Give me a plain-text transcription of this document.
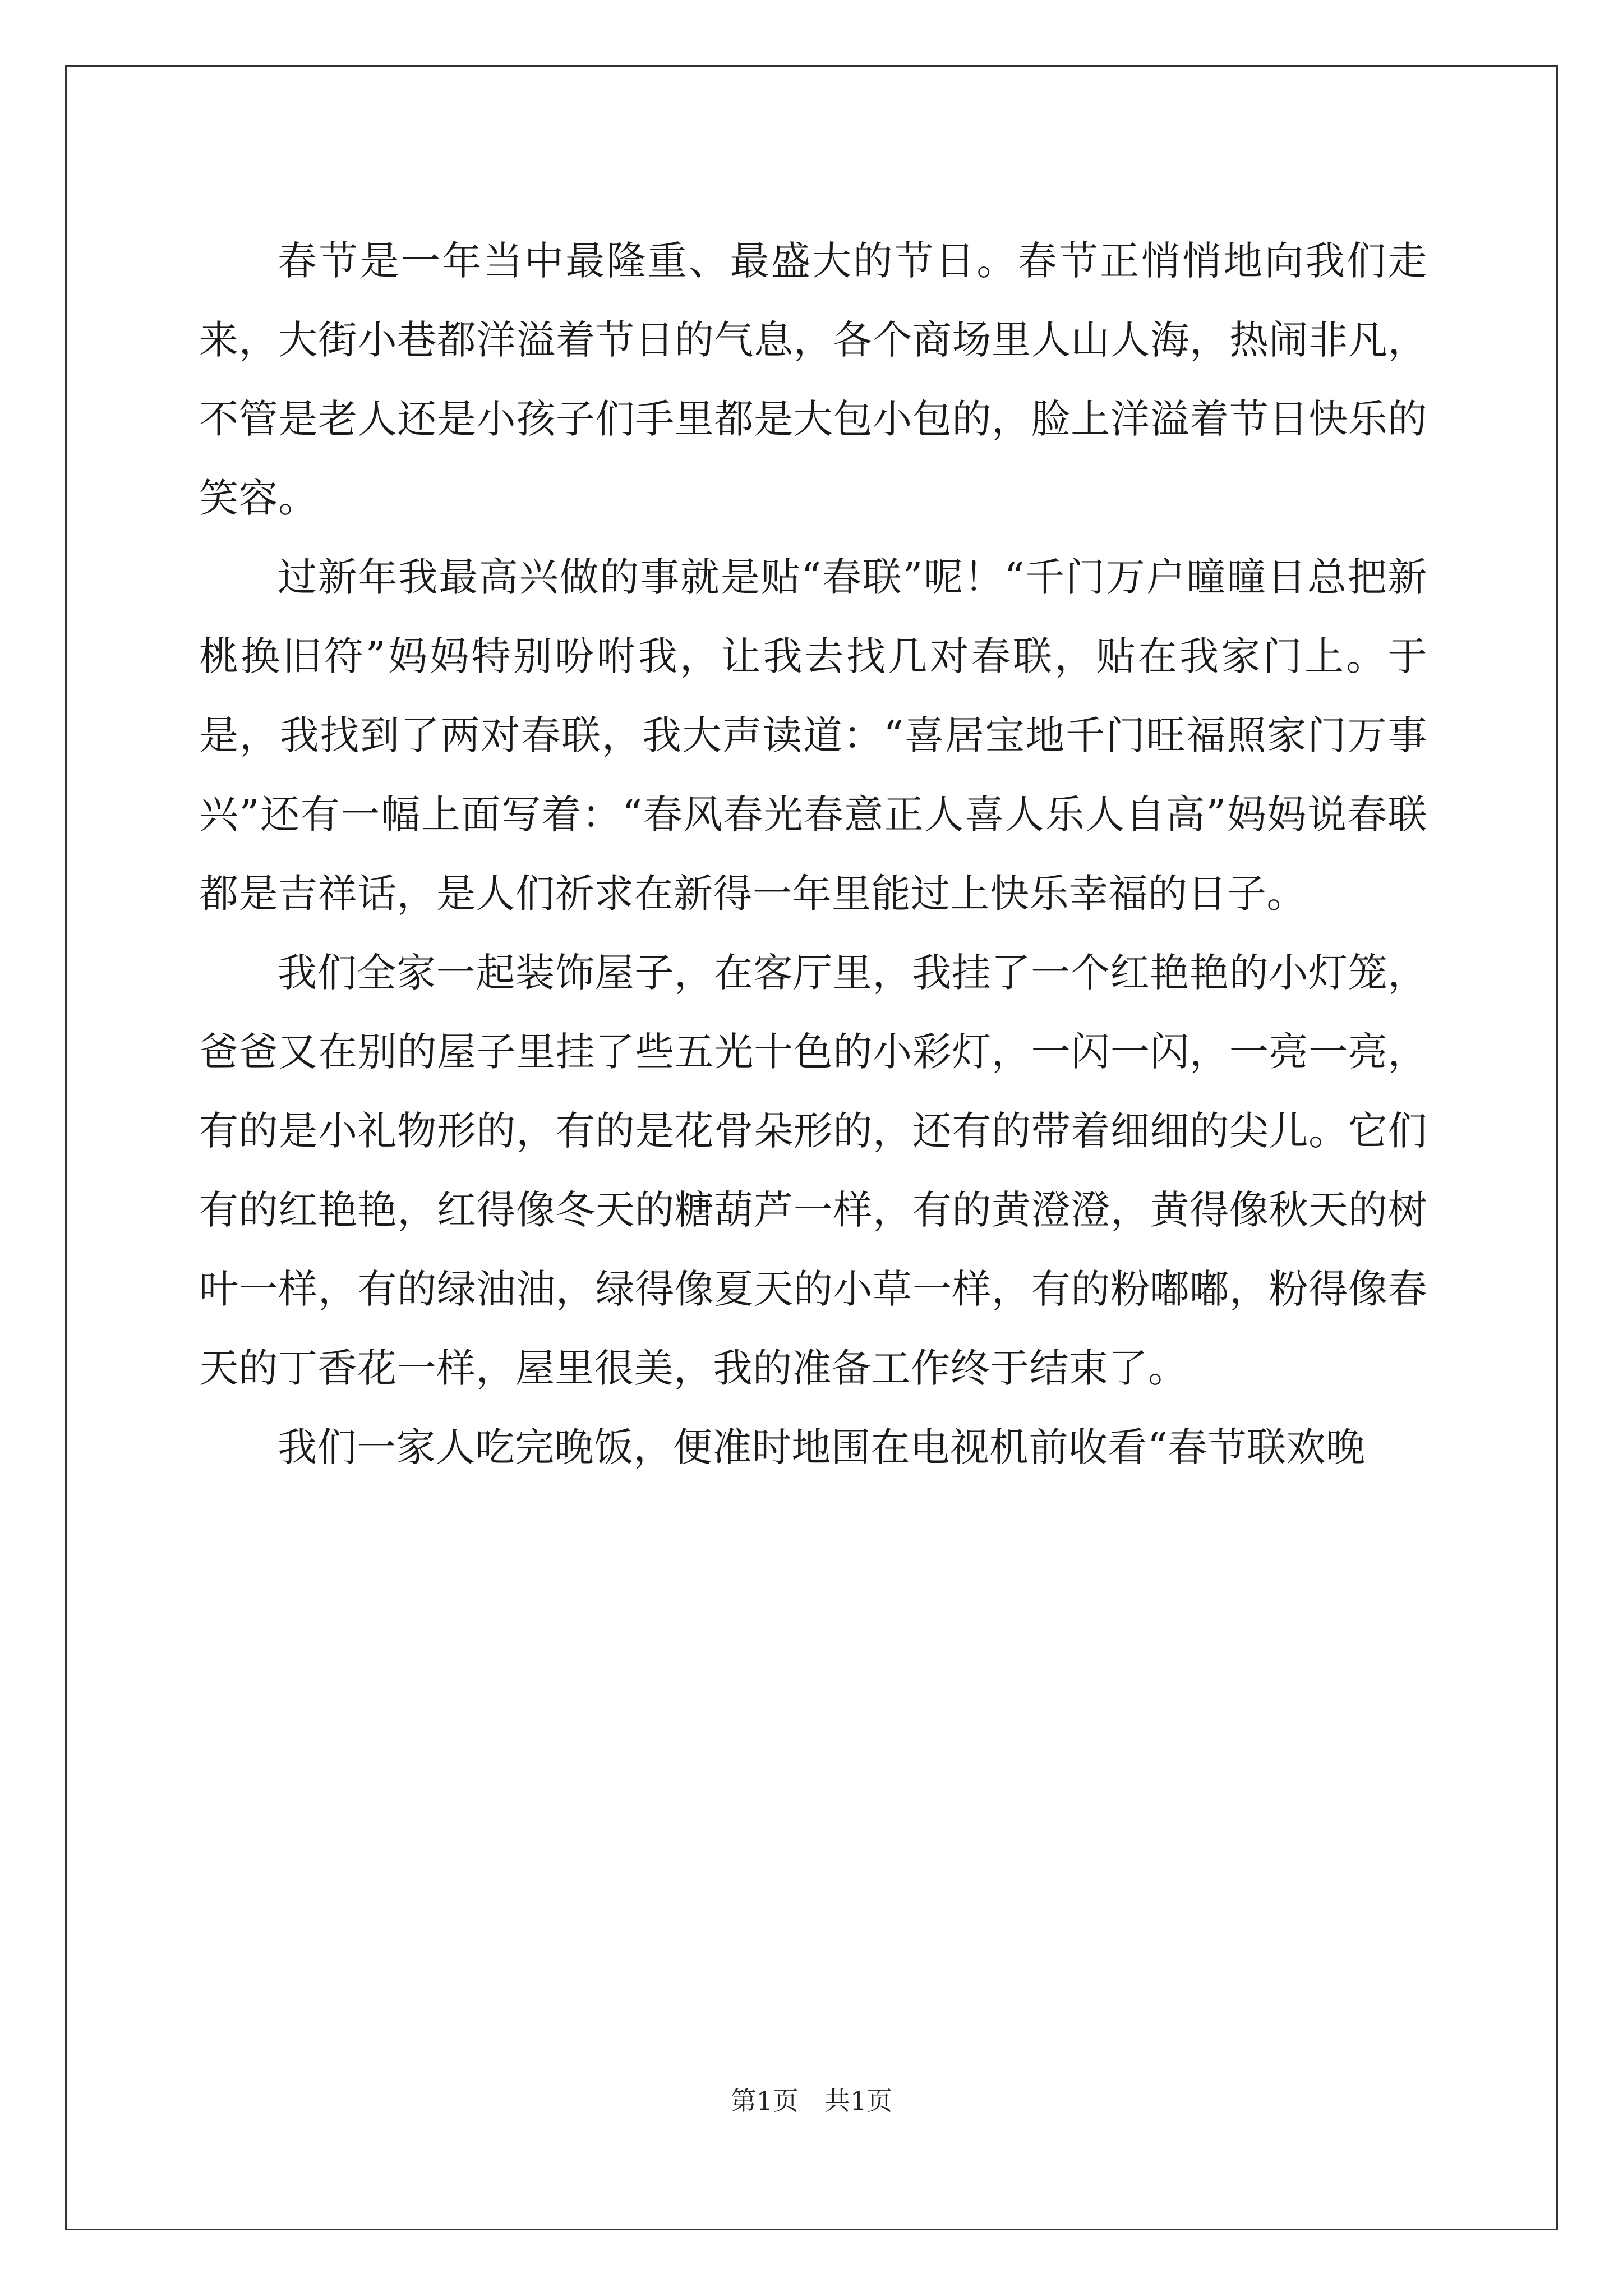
春节是一年当中最隆重、最盛大的节日。春节正悄悄地向我们走来，大街小巷都洋溢着节日的气息，各个商场里人山人海，热闹非凡，不管是老人还是小孩子们手里都是大包小包的，脸上洋溢着节日快乐的笑容。

过新年我最高兴做的事就是贴“春联”呢！“千门万户曈曈日总把新桃换旧符”妈妈特别吩咐我，让我去找几对春联，贴在我家门上。于是，我找到了两对春联，我大声读道：“喜居宝地千门旺福照家门万事兴”还有一幅上面写着：“春风春光春意正人喜人乐人自高”妈妈说春联都是吉祥话，是人们祈求在新得一年里能过上快乐幸福的日子。

我们全家一起装饰屋子，在客厅里，我挂了一个红艳艳的小灯笼，爸爸又在别的屋子里挂了些五光十色的小彩灯，一闪一闪，一亮一亮，有的是小礼物形的，有的是花骨朵形的，还有的带着细细的尖儿。它们有的红艳艳，红得像冬天的糖葫芦一样，有的黄澄澄，黄得像秋天的树叶一样，有的绿油油，绿得像夏天的小草一样，有的粉嘟嘟，粉得像春天的丁香花一样，屋里很美，我的准备工作终于结束了。

我们一家人吃完晚饭，便准时地围在电视机前收看“春节联欢晚

第1页　共1页
